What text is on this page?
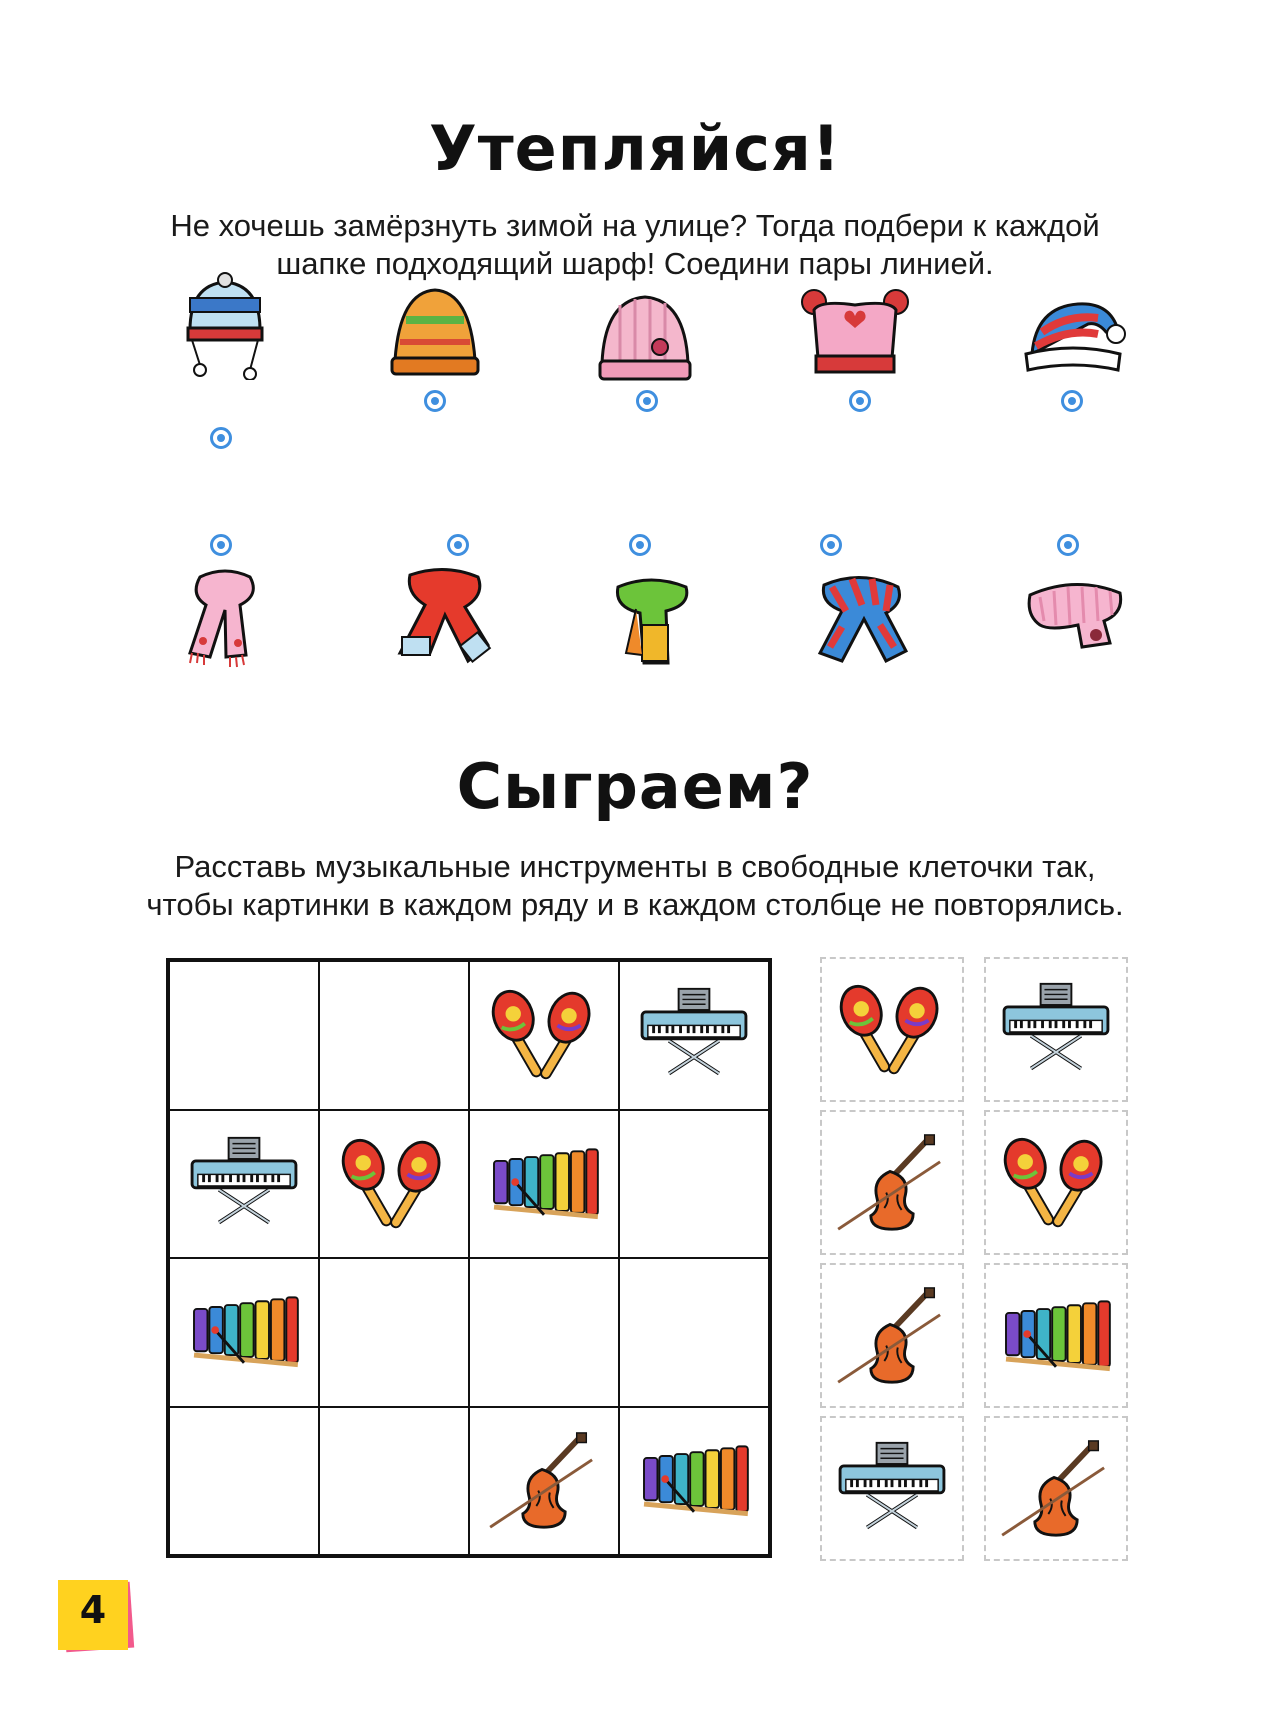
Утепляйся!
Не хочешь замёрзнуть зимой на улице? Тогда подбери к каждой
шапке подходящий шарф! Соедини пары линией.
Сыграем?
Расставь музыкальные инструменты в свободные клеточки так,
чтобы картинки в каждом ряду и в каждом столбце не повторялись.
4
